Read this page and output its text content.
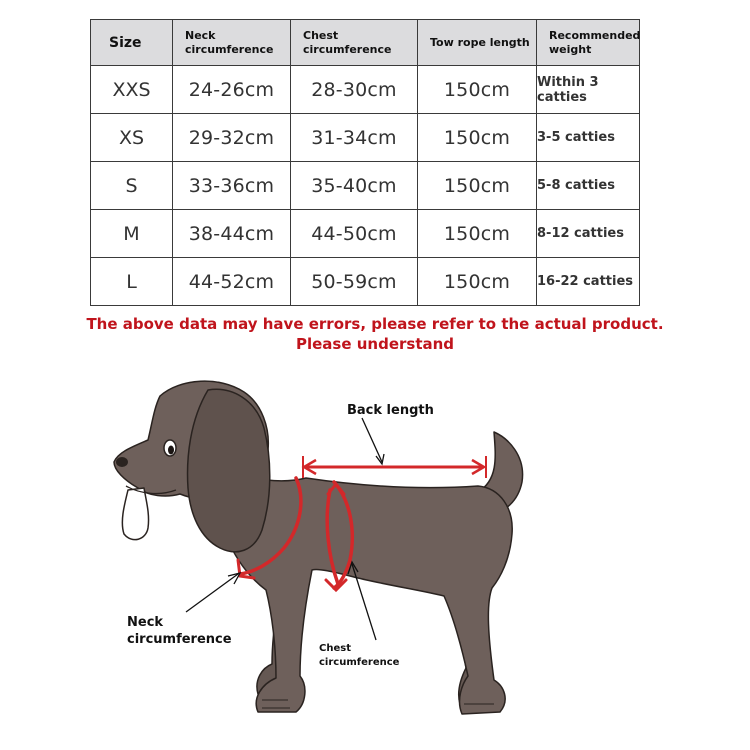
Size	Neck circumference	Chest circumference	Tow rope length	Recommended weight
XXS	24-26cm	28-30cm	150cm	Within 3 catties
XS	29-32cm	31-34cm	150cm	3-5 catties
S	33-36cm	35-40cm	150cm	5-8 catties
M	38-44cm	44-50cm	150cm	8-12 catties
L	44-52cm	50-59cm	150cm	16-22 catties
The above data may have errors, please refer to the actual product.
Please understand
Back length
Neck circumference
Chest circumference
